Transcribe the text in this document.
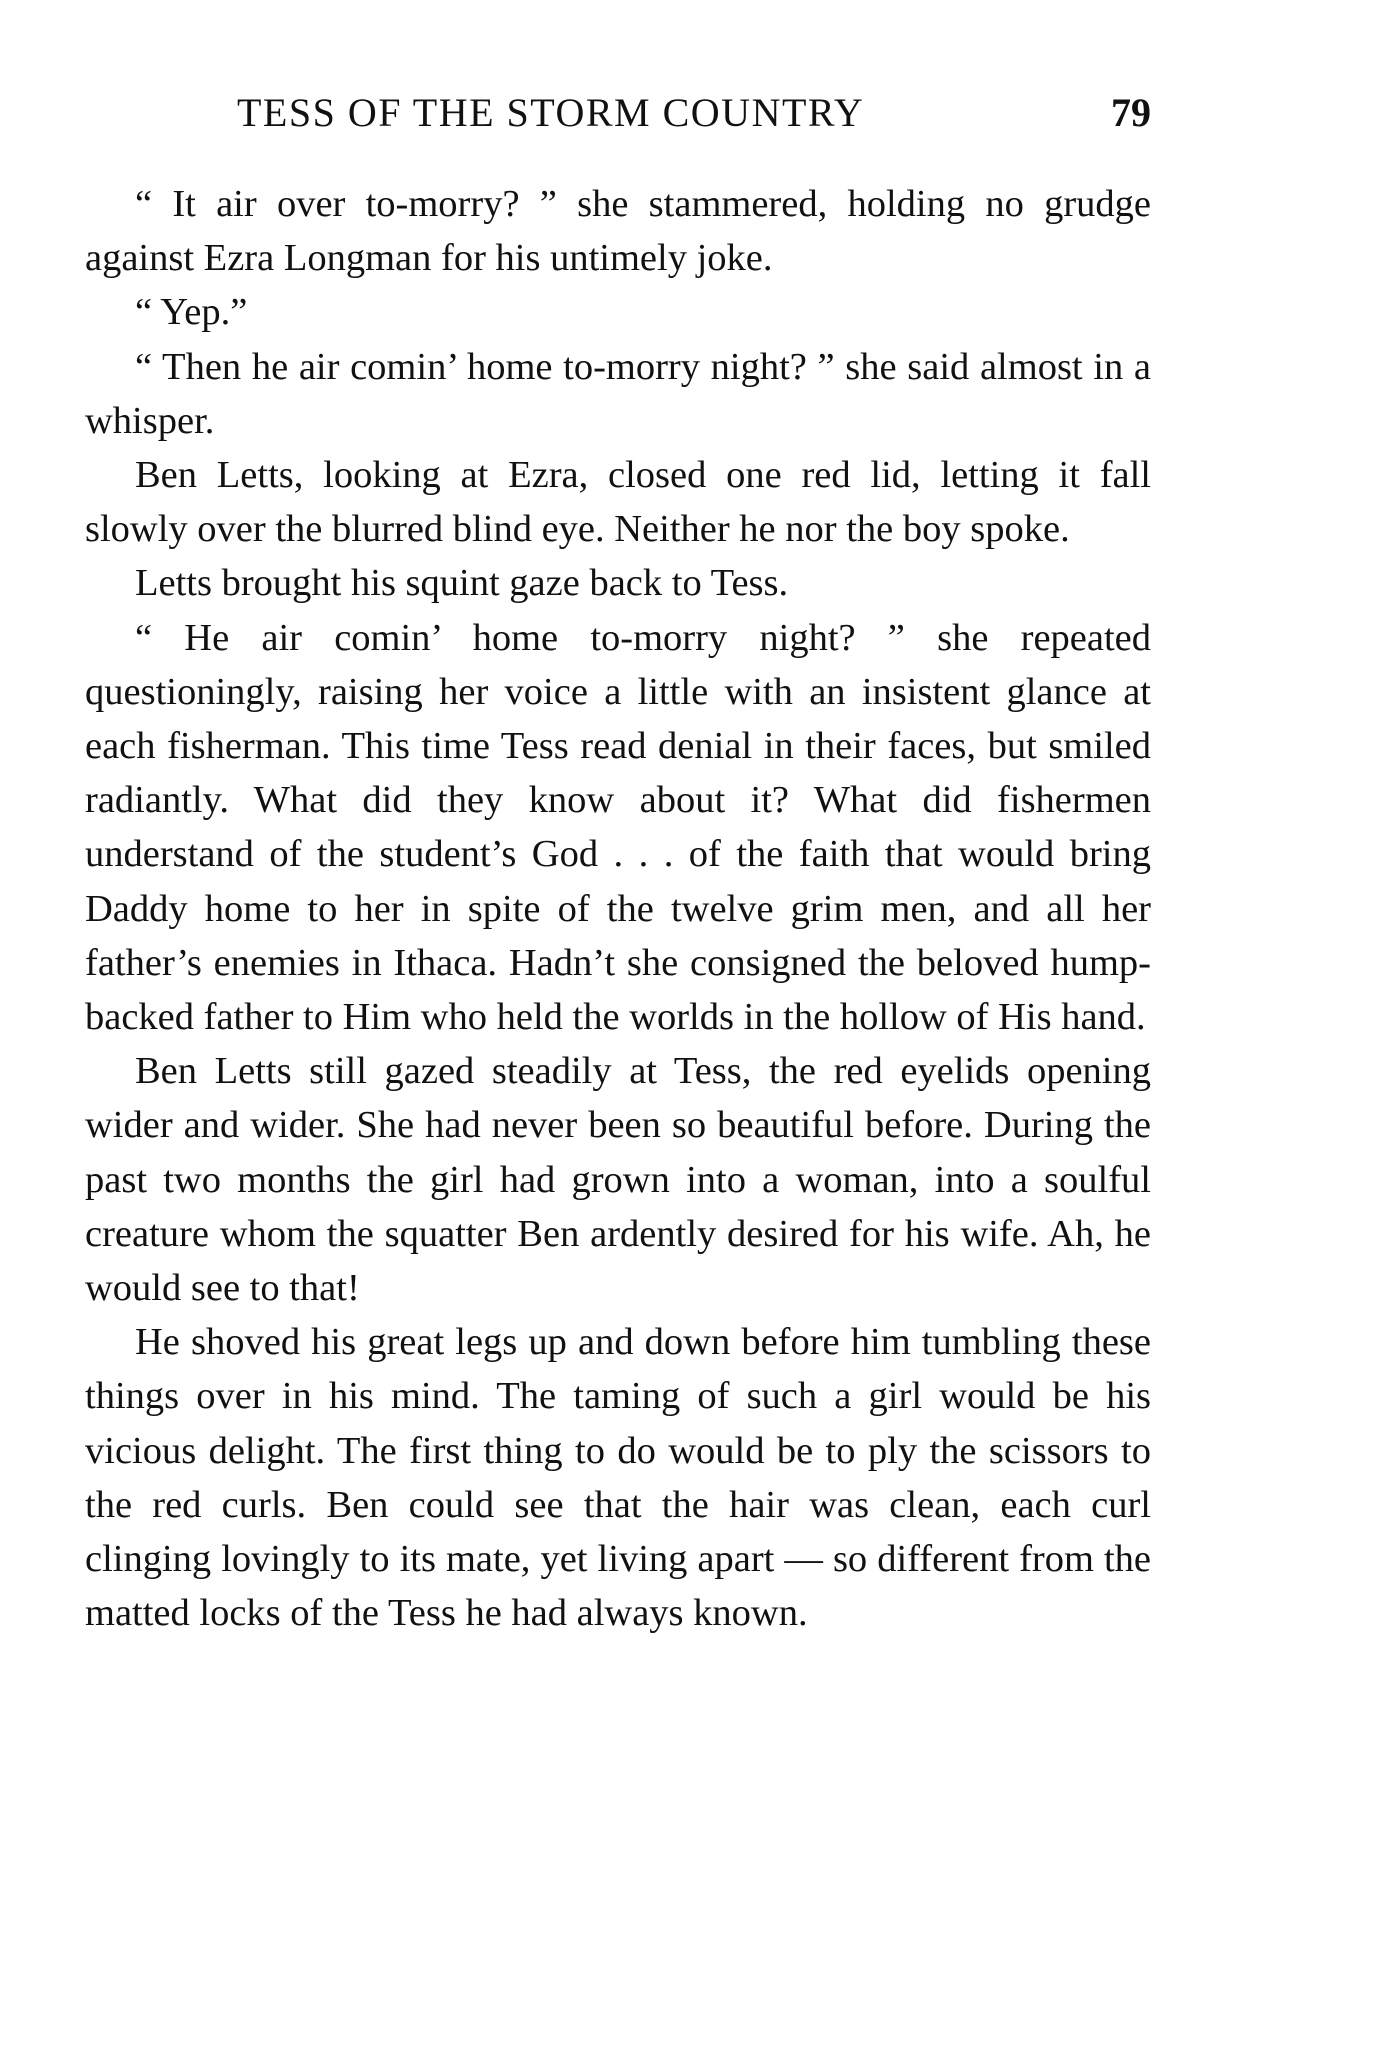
TESS OF THE STORM COUNTRY	79

“ It air over to-morry? ” she stammered, holding no grudge against Ezra Longman for his untimely joke.

“ Yep.”

“ Then he air comin’ home to-morry night? ” she said almost in a whisper.

Ben Letts, looking at Ezra, closed one red lid, letting it fall slowly over the blurred blind eye. Neither he nor the boy spoke.

Letts brought his squint gaze back to Tess.

“ He air comin’ home to-morry night? ” she repeated questioningly, raising her voice a little with an insistent glance at each fisherman. This time Tess read denial in their faces, but smiled radiantly. What did they know about it? What did fishermen understand of the student’s God . . . of the faith that would bring Daddy home to her in spite of the twelve grim men, and all her father’s enemies in Ithaca. Hadn’t she consigned the beloved hump-backed father to Him who held the worlds in the hollow of His hand.

Ben Letts still gazed steadily at Tess, the red eyelids opening wider and wider. She had never been so beautiful before. During the past two months the girl had grown into a woman, into a soulful creature whom the squatter Ben ardently desired for his wife. Ah, he would see to that!

He shoved his great legs up and down before him tumbling these things over in his mind. The taming of such a girl would be his vicious delight. The first thing to do would be to ply the scissors to the red curls. Ben could see that the hair was clean, each curl clinging lovingly to its mate, yet living apart — so different from the matted locks of the Tess he had always known.
